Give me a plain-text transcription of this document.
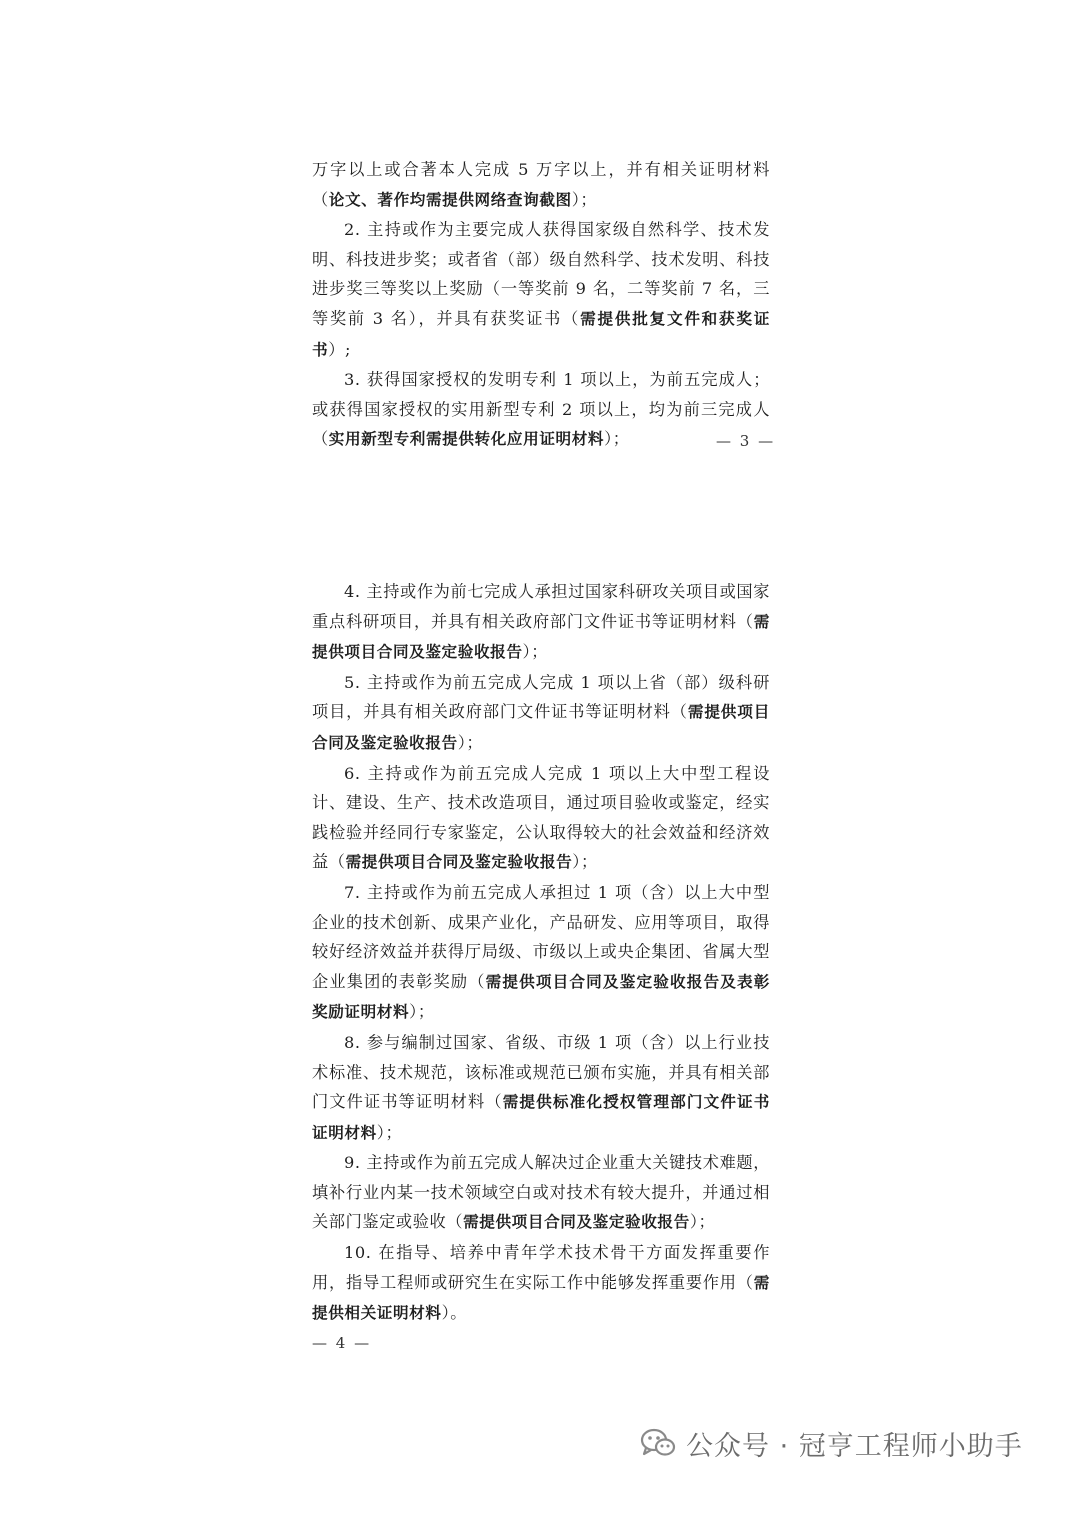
万字以上或合著本人完成 5 万字以上，并有相关证明材料（论文、著作均需提供网络查询截图）；

2. 主持或作为主要完成人获得国家级自然科学、技术发明、科技进步奖；或者省（部）级自然科学、技术发明、科技进步奖三等奖以上奖励（一等奖前 9 名，二等奖前 7 名，三等奖前 3 名），并具有获奖证书（需提供批复文件和获奖证书）;

3. 获得国家授权的发明专利 1 项以上，为前五完成人；或获得国家授权的实用新型专利 2 项以上，均为前三完成人（实用新型专利需提供转化应用证明材料）；	— 3 —

4. 主持或作为前七完成人承担过国家科研攻关项目或国家重点科研项目，并具有相关政府部门文件证书等证明材料（需提供项目合同及鉴定验收报告）；

5. 主持或作为前五完成人完成 1 项以上省（部）级科研项目，并具有相关政府部门文件证书等证明材料（需提供项目合同及鉴定验收报告）；

6. 主持或作为前五完成人完成 1 项以上大中型工程设计、建设、生产、技术改造项目，通过项目验收或鉴定，经实践检验并经同行专家鉴定，公认取得较大的社会效益和经济效益（需提供项目合同及鉴定验收报告）；

7. 主持或作为前五完成人承担过 1 项（含）以上大中型企业的技术创新、成果产业化，产品研发、应用等项目，取得较好经济效益并获得厅局级、市级以上或央企集团、省属大型企业集团的表彰奖励（需提供项目合同及鉴定验收报告及表彰奖励证明材料）；

8. 参与编制过国家、省级、市级 1 项（含）以上行业技术标准、技术规范，该标准或规范已颁布实施，并具有相关部门文件证书等证明材料（需提供标准化授权管理部门文件证书证明材料）；

9. 主持或作为前五完成人解决过企业重大关键技术难题，填补行业内某一技术领域空白或对技术有较大提升，并通过相关部门鉴定或验收（需提供项目合同及鉴定验收报告）；

10. 在指导、培养中青年学术技术骨干方面发挥重要作用，指导工程师或研究生在实际工作中能够发挥重要作用（需提供相关证明材料）。

— 4 —
公众号 · 冠亨工程师小助手
